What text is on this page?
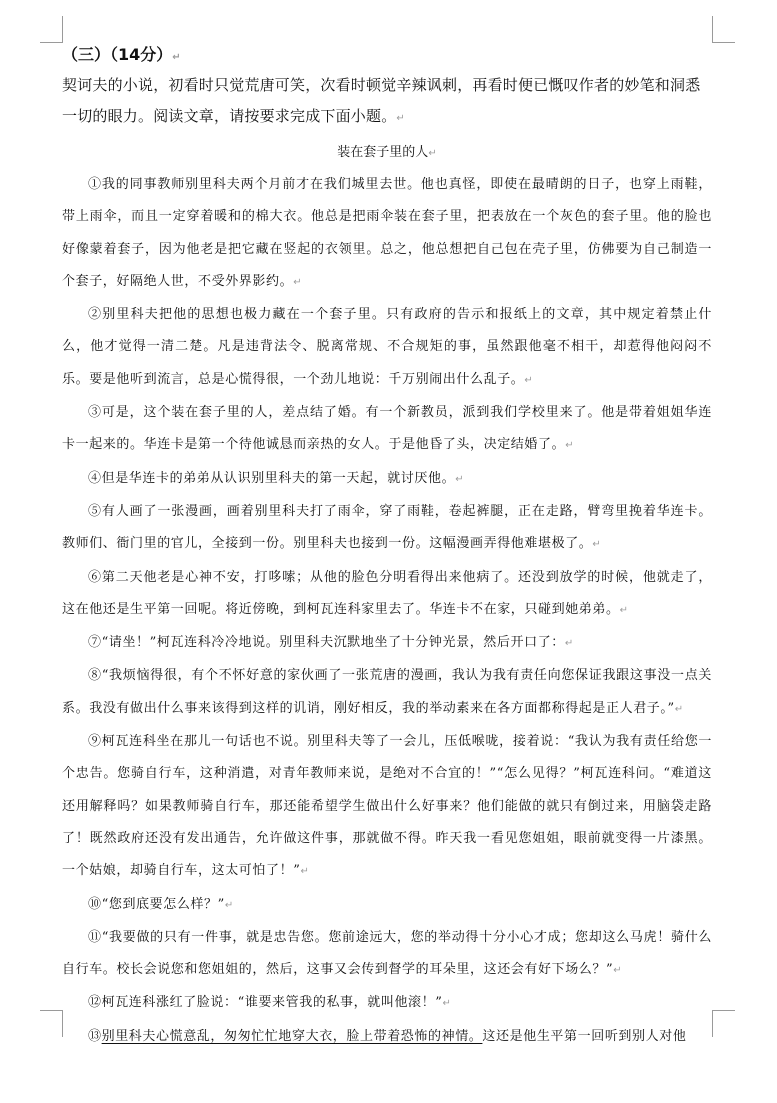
（三）（14分）↵

契诃夫的小说，初看时只觉荒唐可笑，次看时顿觉辛辣讽刺，再看时便已慨叹作者的妙笔和洞悉一切的眼力。阅读文章，请按要求完成下面小题。↵

装在套子里的人↵

①我的同事教师别里科夫两个月前才在我们城里去世。他也真怪，即使在最晴朗的日子，也穿上雨鞋，带上雨伞，而且一定穿着暖和的棉大衣。他总是把雨伞装在套子里，把表放在一个灰色的套子里。他的脸也好像蒙着套子，因为他老是把它藏在竖起的衣领里。总之，他总想把自己包在壳子里，仿佛要为自己制造一个套子，好隔绝人世，不受外界影约。↵

②别里科夫把他的思想也极力藏在一个套子里。只有政府的告示和报纸上的文章，其中规定着禁止什么，他才觉得一清二楚。凡是违背法令、脱离常规、不合规矩的事，虽然跟他毫不相干，却惹得他闷闷不乐。要是他听到流言，总是心慌得很，一个劲儿地说：千万别闹出什么乱子。↵

③可是，这个装在套子里的人，差点结了婚。有一个新教员，派到我们学校里来了。他是带着姐姐华连卡一起来的。华连卡是第一个待他诚恳而亲热的女人。于是他昏了头，决定结婚了。↵

④但是华连卡的弟弟从认识别里科夫的第一天起，就讨厌他。↵

⑤有人画了一张漫画，画着别里科夫打了雨伞，穿了雨鞋，卷起裤腿，正在走路，臂弯里挽着华连卡。教师们、衙门里的官儿，全接到一份。别里科夫也接到一份。这幅漫画弄得他难堪极了。↵

⑥第二天他老是心神不安，打哆嗦；从他的脸色分明看得出来他病了。还没到放学的时候，他就走了，这在他还是生平第一回呢。将近傍晚，到柯瓦连科家里去了。华连卡不在家，只碰到她弟弟。↵

⑦“请坐！”柯瓦连科冷冷地说。别里科夫沉默地坐了十分钟光景，然后开口了：↵

⑧“我烦恼得很，有个不怀好意的家伙画了一张荒唐的漫画，我认为我有责任向您保证我跟这事没一点关系。我没有做出什么事来该得到这样的讥诮，刚好相反，我的举动素来在各方面都称得起是正人君子。”↵

⑨柯瓦连科坐在那儿一句话也不说。别里科夫等了一会儿，压低喉咙，接着说：“我认为我有责任给您一个忠告。您骑自行车，这种消遣，对青年教师来说，是绝对不合宜的！”“怎么见得？”柯瓦连科问。“难道这还用解释吗？如果教师骑自行车，那还能希望学生做出什么好事来？他们能做的就只有倒过来，用脑袋走路了！既然政府还没有发出通告，允许做这件事，那就做不得。昨天我一看见您姐姐，眼前就变得一片漆黑。一个姑娘，却骑自行车，这太可怕了！”↵

⑩“您到底要怎么样？”↵

⑪“我要做的只有一件事，就是忠告您。您前途远大，您的举动得十分小心才成；您却这么马虎！骑什么自行车。校长会说您和您姐姐的，然后，这事又会传到督学的耳朵里，这还会有好下场么？”↵

⑫柯瓦连科涨红了脸说：“谁要来管我的私事，就叫他滚！”↵

⑬别里科夫心慌意乱，匆匆忙忙地穿大衣，脸上带着恐怖的神情。这还是他生平第一回听到别人对他
